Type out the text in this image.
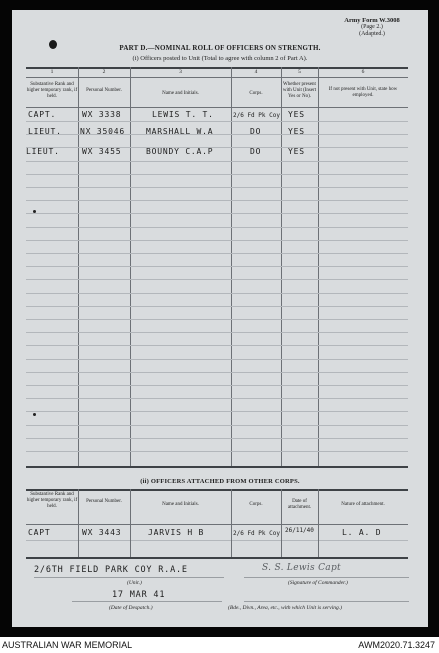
Army Form W.3008
(Page 2.)
(Adapted.)
PART D.—NOMINAL ROLL OF OFFICERS ON STRENGTH.
(i) Officers posted to Unit (Total to agree with column 2 of Part A).
1	2	3	4	5	6
Substantive Rank and higher temporary rank, if held.
Personal Number.
Name and Initials.	Corps.
Whether present with Unit (Insert Yes or No).
If not present with Unit, state how employed.
CAPT.	WX 3338	LEWIS T. T.	2/6 Fd Pk Coy YES
LIEUT. NX 35046	MARSHALL W.A	DO	YES
LIEUT.	WX 3455	BOUNDY C.A.P	DO	YES
(ii) OFFICERS ATTACHED FROM OTHER CORPS.
Substantive Rank and higher temporary rank, if held.
Personal Number.
Name and Initials.	Corps.
Date of attachment.
Nature of attachment.
CAPT	WX 3443	JARVIS H B	2/6 Fd Pk Coy 26/11/40	L. A. D
2/6TH FIELD PARK COY R.A.E
(Unit.)
S. S. Lewis Capt
(Signature of Commander.)
17 MAR 41
(Date of Despatch.)	(Bde., Divn., Area, etc., with which Unit is serving.)
AUSTRALIAN WAR MEMORIAL	AWM2020.71.3247
